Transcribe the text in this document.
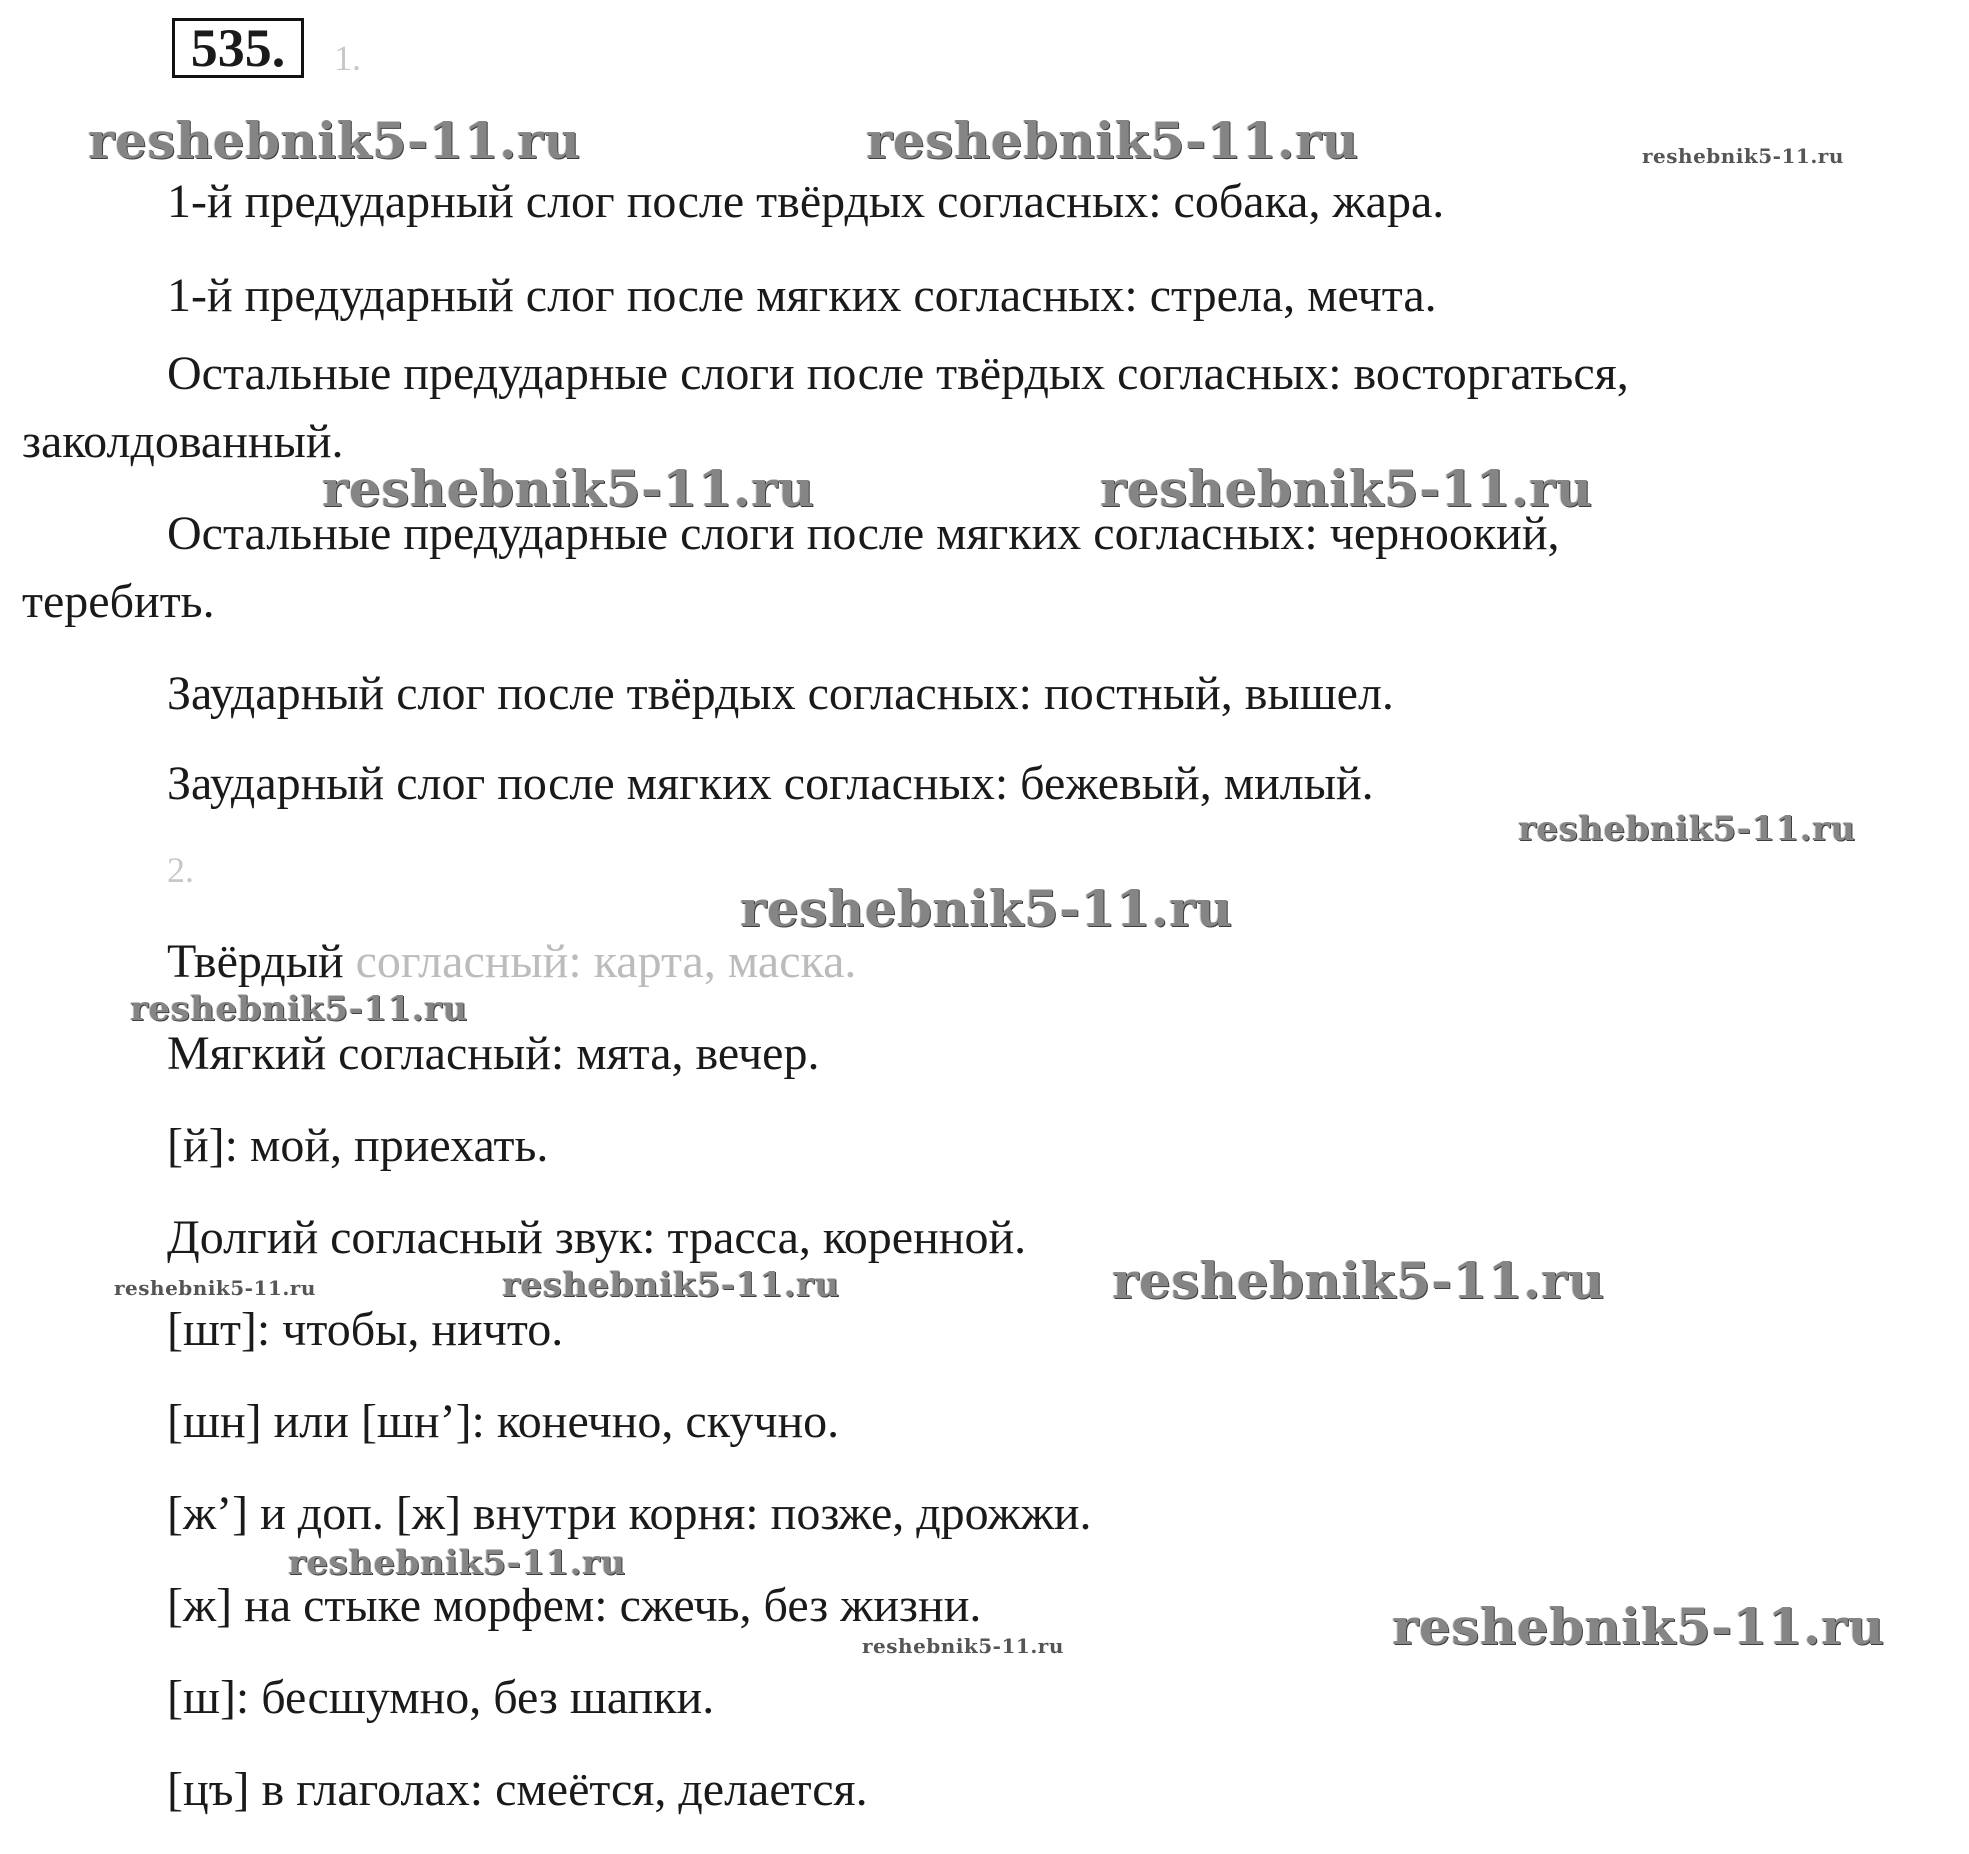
535.	1.
1-й предударный слог после твёрдых согласных: собака, жара.
1-й предударный слог после мягких согласных: стрела, мечта.
Остальные предударные слоги после твёрдых согласных: восторгаться,
заколдованный.
Остальные предударные слоги после мягких согласных: черноокий,
теребить.
Заударный слог после твёрдых согласных: постный, вышел.
Заударный слог после мягких согласных: бежевый, милый.
2.
Твёрдый согласный: карта, маска.
Мягкий согласный: мята, вечер.
[й]: мой, приехать.
Долгий согласный звук: трасса, коренной.
[шт]: чтобы, ничто.
[шн] или [шн’]: конечно, скучно.
[ж’] и доп. [ж] внутри корня: позже, дрожжи.
[ж] на стыке морфем: сжечь, без жизни.
[ш]: бесшумно, без шапки.
[цъ] в глаголах: смеётся, делается.
reshebnik5-11.ru	reshebnik5-11.ru	reshebnik5-11.ru
reshebnik5-11.ru	reshebnik5-11.ru
reshebnik5-11.ru
reshebnik5-11.ru
reshebnik5-11.ru
reshebnik5-11.ru	reshebnik5-11.ru	reshebnik5-11.ru
reshebnik5-11.ru
reshebnik5-11.ru	reshebnik5-11.ru
